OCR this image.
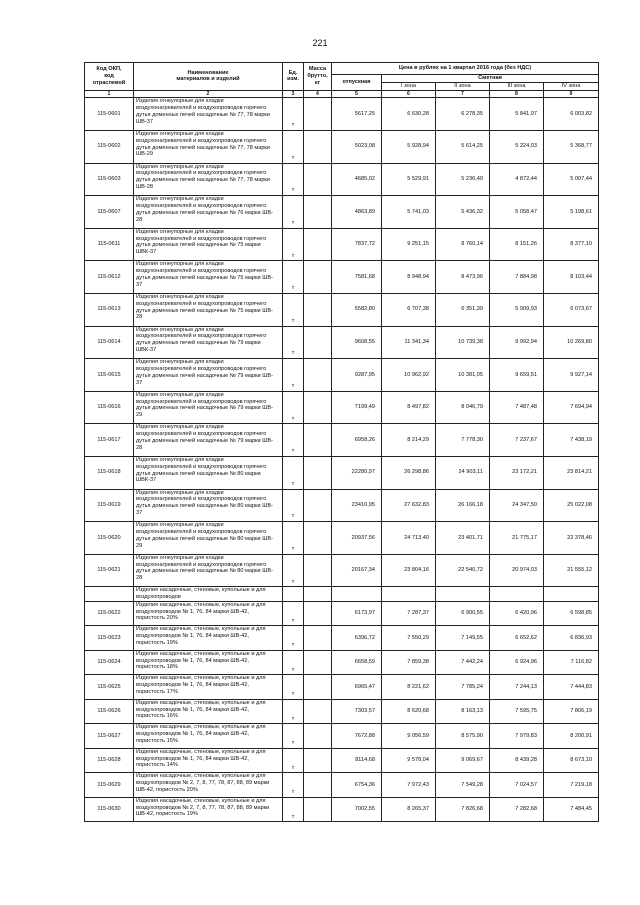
221
Код ОКП,
код
отраслевой	Наименование
материалов и изделий	Ед.
изм.	Масса
брутто,
кг	Цена в рублях на 1 квартал 2016 года (без НДС)				
				отпускная	Сметная			
					I зона	II зона	III зона	IV зона
1	2	3	4	5	6	7	8	9
115-0601	Изделия огнеупорные для кладки
воздухонагревателей и воздухопроводов горячего
дутья доменных печей насадочные № 77, 78 марки
ШВ-37	т		5617,25	6 630,28	6 278,35	5 841,97	6 003,82
115-0602	Изделия огнеупорные для кладки
воздухонагревателей и воздухопроводов горячего
дутья доменных печей насадочные № 77, 78 марки
ШВ-29	т		5023,08	5 928,94	5 614,25	5 224,03	5 368,77
115-0603	Изделия огнеупорные для кладки
воздухонагревателей и воздухопроводов горячего
дутья доменных печей насадочные № 77, 78 марки
ШВ-28	т		4685,02	5 529,91	5 236,40	4 872,44	5 007,44
115-0607	Изделия огнеупорные для кладки
воздухонагревателей и воздухопроводов горячего
дутья доменных печей насадочные № 76 марки ШВ-
28	т		4863,89	5 741,03	5 436,32	5 058,47	5 198,61
115-0611	Изделия огнеупорные для кладки
воздухонагревателей и воздухопроводов горячего
дутья доменных печей насадочные № 75 марки
ШВК-37	т		7837,72	9 251,15	8 760,14	8 151,26	8 377,10
115-0612	Изделия огнеупорные для кладки
воздухонагревателей и воздухопроводов горячего
дутья доменных печей насадочные № 75 марки ШВ-
37	т		7581,68	8 948,94	8 473,96	7 884,98	8 103,44
115-0613	Изделия огнеупорные для кладки
воздухонагревателей и воздухопроводов горячего
дутья доменных печей насадочные № 75 марки ШВ-
28	т		5582,80	6 707,38	6 351,39	5 909,93	6 073,67
115-0614	Изделия огнеупорные для кладки
воздухонагревателей и воздухопроводов горячего
дутья доменных печей насадочные № 79 марки
ШВК-37	т		9608,55	11 341,34	10 739,38	9 992,94	10 269,80
115-0615	Изделия огнеупорные для кладки
воздухонагревателей и воздухопроводов горячего
дутья доменных печей насадочные № 79 марки ШВ-
37	т		9287,95	10 962,92	10 381,05	9 659,51	9 927,14
115-0616	Изделия огнеупорные для кладки
воздухонагревателей и воздухопроводов горячего
дутья доменных печей насадочные № 79 марки ШВ-
29	т		7199,49	8 497,82	8 046,79	7 487,48	7 694,94
115-0617	Изделия огнеупорные для кладки
воздухонагревателей и воздухопроводов горячего
дутья доменных печей насадочные № 79 марки ШВ-
28	т		6958,26	8 214,29	7 778,30	7 237,67	7 438,19
115-0618	Изделия огнеупорные для кладки
воздухонагревателей и воздухопроводов горячего
дутья доменных печей насадочные № 80 марки
ШВК-37	т		22280,97	26 298,86	24 903,11	23 172,21	23 814,21
115-0619	Изделия огнеупорные для кладки
воздухонагревателей и воздухопроводов горячего
дутья доменных печей насадочные № 80 марки ШВ-
37	т		23410,95	27 632,83	26 166,18	24 347,50	25 022,08
115-0620	Изделия огнеупорные для кладки
воздухонагревателей и воздухопроводов горячего
дутья доменных печей насадочные № 80 марки ШВ-
29	т		20937,56	24 713,40	23 401,71	21 775,17	22 378,46
115-0621	Изделия огнеупорные для кладки
воздухонагревателей и воздухопроводов горячего
дутья доменных печей насадочные № 80 марки ШВ-
28	т		20167,34	23 804,16	22 540,72	20 974,03	21 555,12
	Изделия насадочные, стеновые, купольные и для
воздухопроводов							
115-0622	Изделия насадочные, стеновые, купольные и для
воздухопроводов № 1, 76, 84 марки ШВ-42,
пористость 20%	т		6173,97	7 287,37	6 900,55	6 420,96	6 598,85
115-0623	Изделия насадочные, стеновые, купольные и для
воздухопроводов № 1, 76, 84 марки ШВ-42,
пористость 19%	т		6396,72	7 550,29	7 149,55	6 652,62	6 836,93
115-0624	Изделия насадочные, стеновые, купольные и для
воздухопроводов № 1, 76, 84 марки ШВ-42,
пористость 18%	т		6658,59	7 859,38	7 442,24	6 924,96	7 116,82
115-0625	Изделия насадочные, стеновые, купольные и для
воздухопроводов № 1, 76, 84 марки ШВ-42,
пористость 17%	т		6965,47	8 221,62	7 785,24	7 244,13	7 444,83
115-0626	Изделия насадочные, стеновые, купольные и для
воздухопроводов № 1, 76, 84 марки ШВ-42,
пористость 16%	т		7303,57	8 620,68	8 163,13	7 595,75	7 806,19
115-0627	Изделия насадочные, стеновые, купольные и для
воздухопроводов № 1, 76, 84 марки ШВ-42,
пористость 15%	т		7672,88	9 056,59	8 575,90	7 979,83	8 200,91
115-0628	Изделия насадочные, стеновые, купольные и для
воздухопроводов № 1, 76, 84 марки ШВ-42,
пористость 14%	т		8114,68	9 578,04	9 069,67	8 439,28	8 673,10
115-0629	Изделия насадочные, стеновые, купольные и для
воздухопроводов № 2, 7, 8, 77, 78, 87, 88, 89 марки
ШВ-42, пористость 20%	т		6754,36	7 972,43	7 549,28	7 024,57	7 219,18
115-0630	Изделия насадочные, стеновые, купольные и для
воздухопроводов № 2, 7, 8, 77, 78, 87, 88, 89 марки
ШВ-42, пористость 19%	т		7002,55	8 265,37	7 826,68	7 282,68	7 484,45
